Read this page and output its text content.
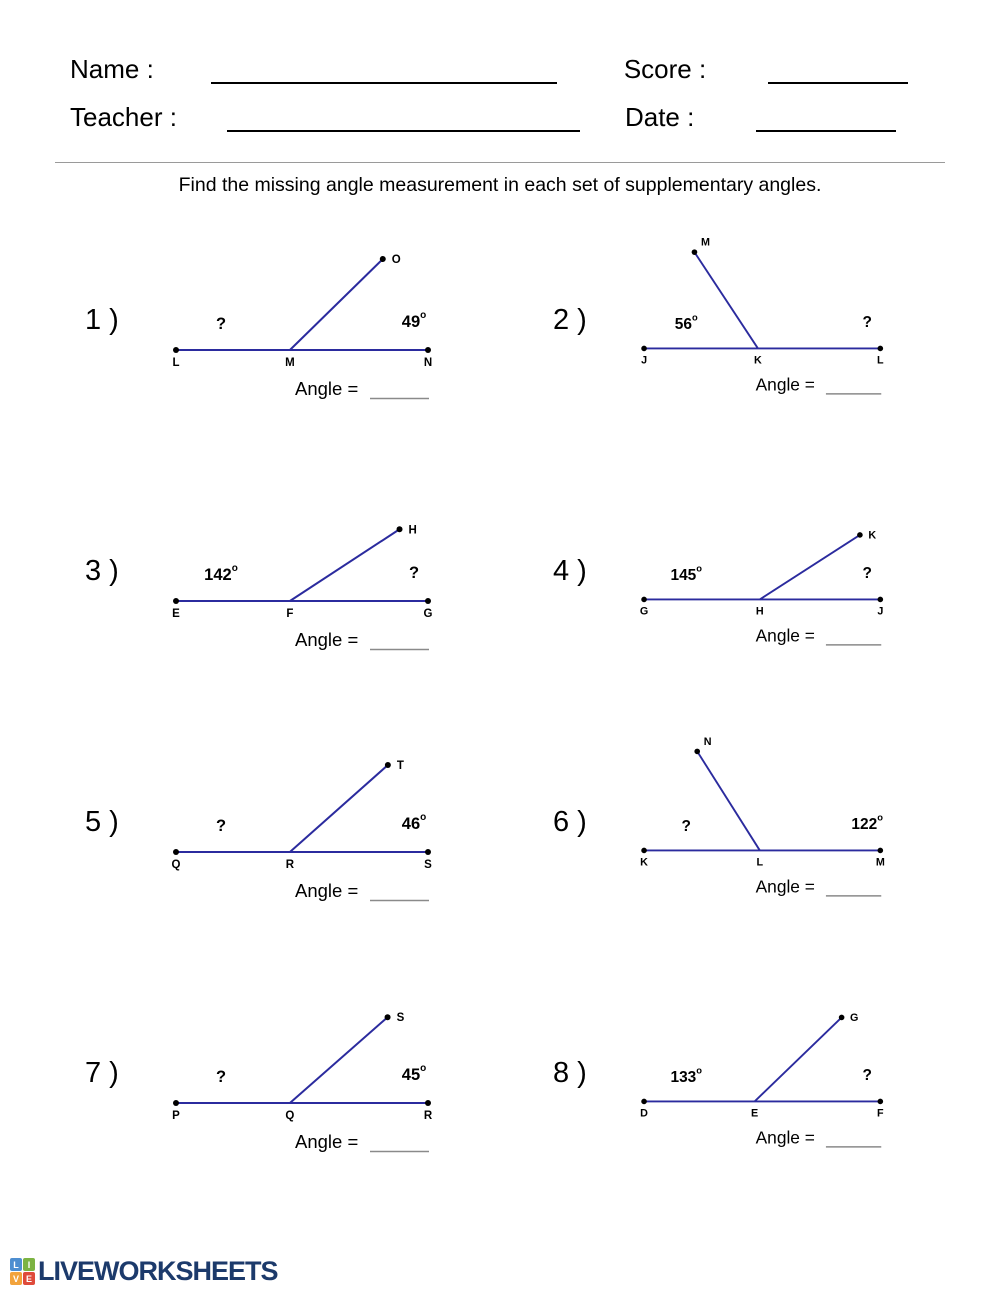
Name :	Score :
Teacher :	Date :

Find the missing angle measurement in each set of supplementary angles.

1 )
L	M	N
O
?	49$^o$
Angle =
2 )
J	K	L
M
56$^o$	?
Angle =
3 )
E	F	G
H
142$^o$	?
Angle =
4 )
G	H	J
K
145$^o$	?
Angle =
5 )
Q	R	S
T
?	46$^o$
Angle =
6 )
K	L	M
N
?	122$^o$
Angle =
7 )
P	Q	R
S
?	45$^o$
Angle =
8 )
D	E	F
G
133$^o$	?
Angle =
L I
V E LIVEWORKSHEETS
